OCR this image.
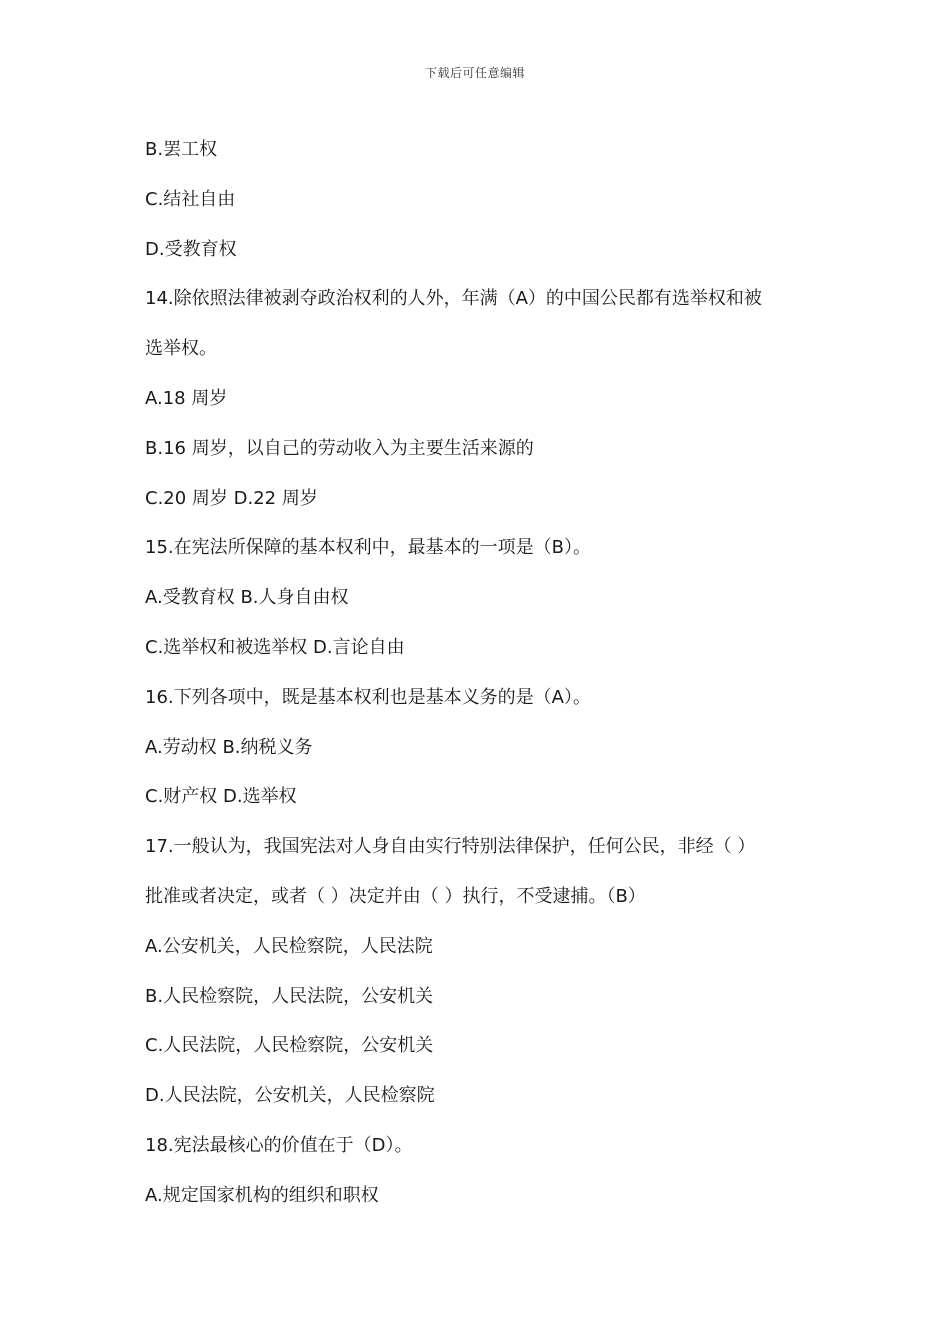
下载后可任意编辑
B.罢工权
C.结社自由
D.受教育权
14.除依照法律被剥夺政治权利的人外，年满（A）的中国公民都有选举权和被
选举权。
A.18 周岁
B.16 周岁，以自己的劳动收入为主要生活来源的
C.20 周岁 D.22 周岁
15.在宪法所保障的基本权利中，最基本的一项是（B）。
A.受教育权 B.人身自由权
C.选举权和被选举权 D.言论自由
16.下列各项中，既是基本权利也是基本义务的是（A）。
A.劳动权 B.纳税义务
C.财产权 D.选举权
17.一般认为，我国宪法对人身自由实行特别法律保护，任何公民，非经（ ）
批准或者决定，或者（ ）决定并由（ ）执行，不受逮捕。（B）
A.公安机关，人民检察院，人民法院
B.人民检察院，人民法院，公安机关
C.人民法院，人民检察院，公安机关
D.人民法院，公安机关，人民检察院
18.宪法最核心的价值在于（D）。
A.规定国家机构的组织和职权
